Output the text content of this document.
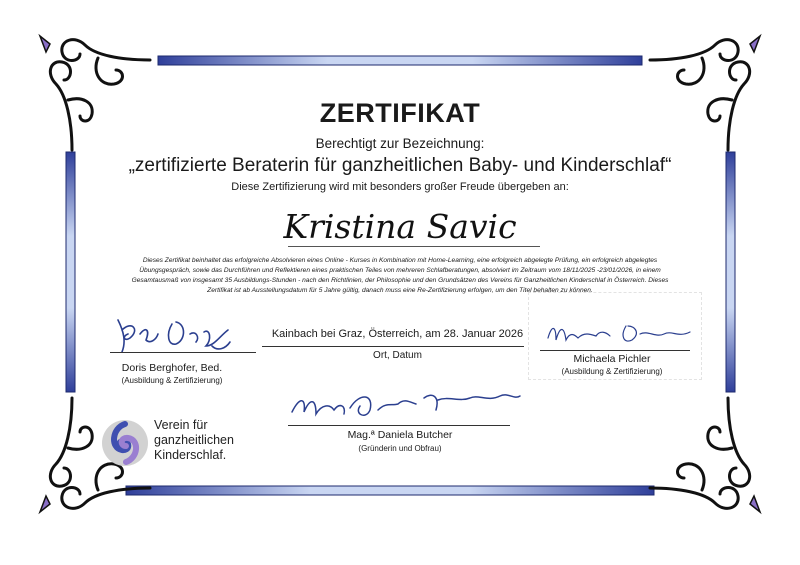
ZERTIFIKAT
Berechtigt zur Bezeichnung:
„zertifizierte Beraterin für ganzheitlichen Baby- und Kinderschlaf“
Diese Zertifizierung wird mit besonders großer Freude übergeben an:
Kristina Savic
Dieses Zertifikat beinhaltet das erfolgreiche Absolvieren eines Online - Kurses in Kombination mit Home-Learning, eine erfolgreich abgelegte Prüfung, ein erfolgreich abgelegtes Übungsgespräch, sowie das Durchführen und Reflektieren eines praktischen Teiles von mehreren Schlafberatungen, absolviert im Zeitraum vom 18/11/2025 -23/01/2026, in einem Gesamtausmaß von insgesamt 35 Ausbildungs-Stunden - nach den Richtlinien, der Philosophie und den Grundsätzen des Vereins für Ganzheitlichen Kinderschlaf in Österreich. Dieses Zertifikat ist ab Ausstellungsdatum für 5 Jahre gültig, danach muss eine Re-Zertifizierung erfolgen, um den Titel behalten zu können.
Kainbach bei Graz, Österreich, am 28. Januar 2026
Ort, Datum
Doris Berghofer, Bed.
(Ausbildung & Zertifizierung)
Michaela Pichler
(Ausbildung & Zertifizierung)
Mag.ª Daniela Butcher
(Gründerin und Obfrau)
Verein für
ganzheitlichen
Kinderschlaf.
